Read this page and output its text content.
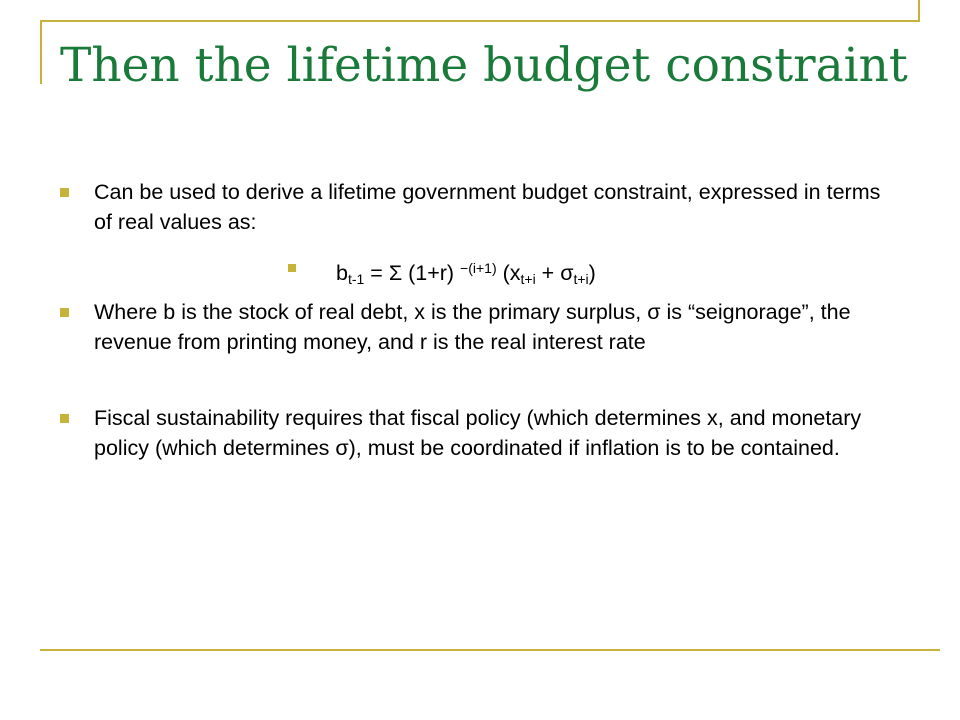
Then the lifetime budget constraint
Can be used to derive a lifetime government budget constraint, expressed in terms of real values as:
$b_{t-1} = \Sigma$ (1+r) $^{-(i+1)}$ $(x_{t+i} + \sigma_{t+i})$
Where b is the stock of real debt, x is the primary surplus, σ is “seignorage”, the revenue from printing money, and r is the real interest rate
Fiscal sustainability requires that fiscal policy (which determines x, and monetary policy (which determines σ), must be coordinated if inflation is to be contained.
